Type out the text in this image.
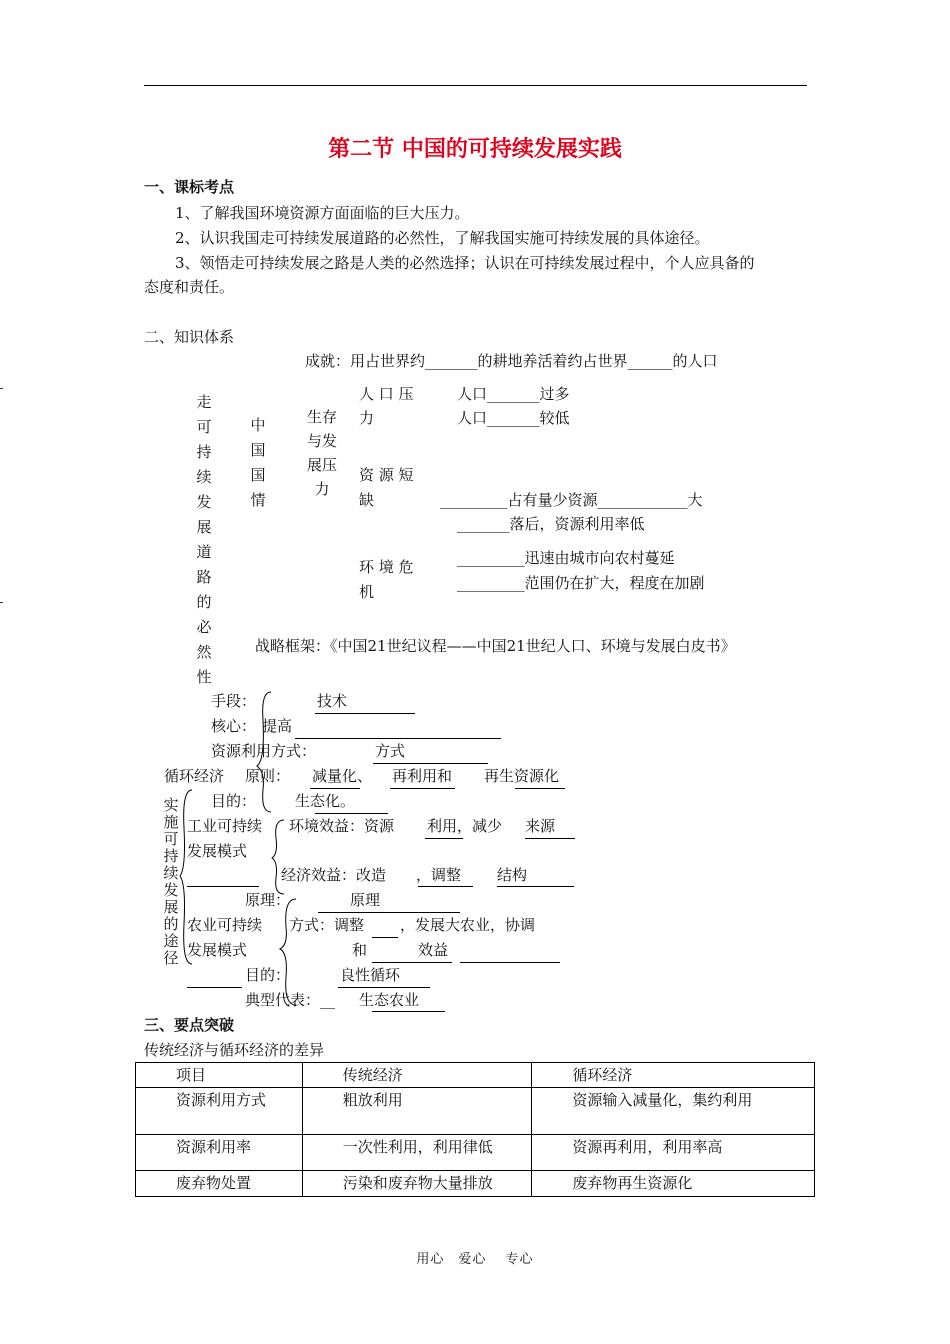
第二节 中国的可持续发展实践
一、课标考点
1、了解我国环境资源方面面临的巨大压力。
2、认识我国走可持续发展道路的必然性，了解我国实施可持续发展的具体途径。
3、领悟走可持续发展之路是人类的必然选择；认识在可持续发展过程中，个人应具备的
态度和责任。
二、知识体系
成就：用占世界约_______的耕地养活着约占世界______的人口
走可持续发展道路的必然性
中国国情
生存与发展压力
人 口 压
力
人口_______过多
人口_______较低
资 源 短
缺	_________占有量少资源____________大
_______落后，资源利用率低
环 境 危
机
_________迅速由城市向农村蔓延
_________范围仍在扩大，程度在加剧
战略框架：《中国21世纪议程——中国21世纪人口、环境与发展白皮书》
实施可持续发展的途径
手段：	技术
核心： 提高
资源利用方式：	方式
循环经济 原则： 减量化、 再利用和 再生资源化
目的：	生态化。
工业可持续
发展模式
环境效益：资源 利用，减少 来源
经济效益：改造 ，调整 结构
原理：	原理
农业可持续
发展模式
方式：调整 ，发展大农业，协调
和	效益
目的：	良性循环
典型代表：__ 生态农业
三、要点突破
传统经济与循环经济的差异
项目	传统经济	循环经济
资源利用方式	粗放利用	资源输入减量化，集约利用
资源利用率	一次性利用，利用律低	资源再利用，利用率高
废弃物处置	污染和废弃物大量排放	废弃物再生资源化
用心　爱心　 专心
